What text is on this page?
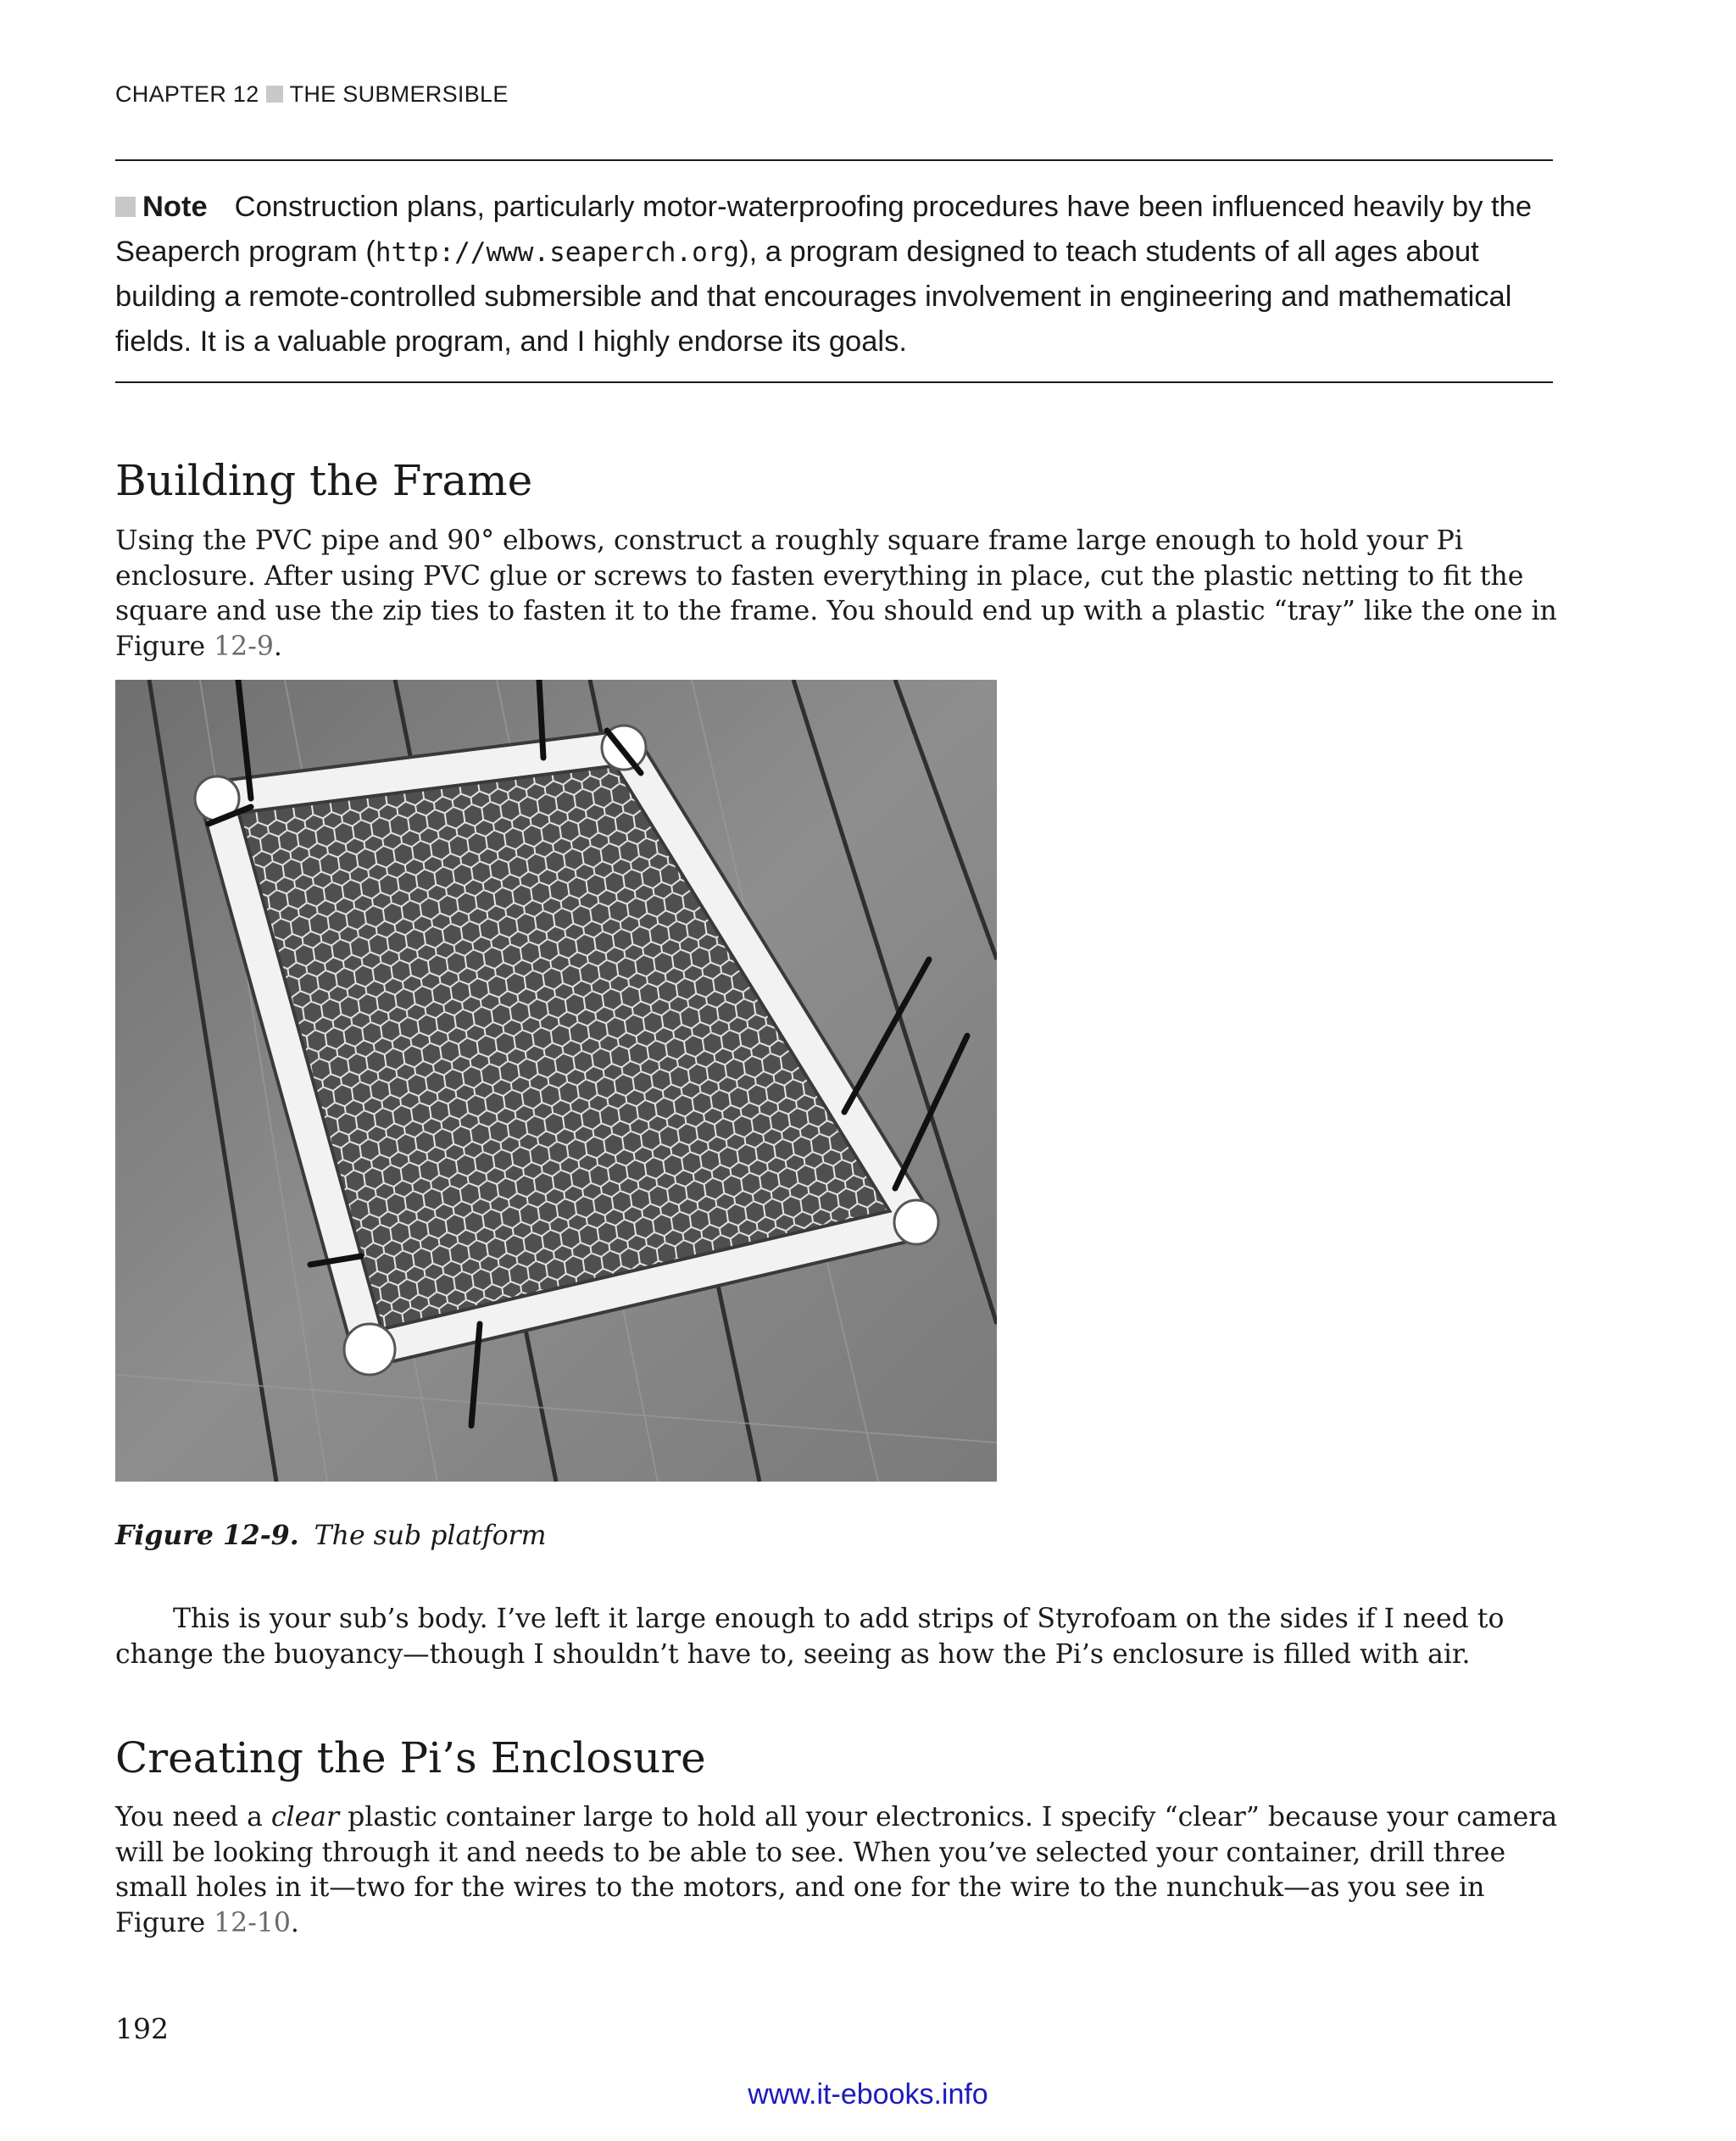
CHAPTER 12 THE SUBMERSIBLE
Note Construction plans, particularly motor-waterproofing procedures have been influenced heavily by the Seaperch program (http://www.seaperch.org), a program designed to teach students of all ages about building a remote-controlled submersible and that encourages involvement in engineering and mathematical fields. It is a valuable program, and I highly endorse its goals.
Building the Frame

Using the PVC pipe and 90° elbows, construct a roughly square frame large enough to hold your Pi enclosure. After using PVC glue or screws to fasten everything in place, cut the plastic netting to fit the square and use the zip ties to fasten it to the frame. You should end up with a plastic “tray” like the one in Figure 12-9.

Figure 12-9. The sub platform

This is your sub’s body. I’ve left it large enough to add strips of Styrofoam on the sides if I need to change the buoyancy—though I shouldn’t have to, seeing as how the Pi’s enclosure is filled with air.

Creating the Pi’s Enclosure

You need a clear plastic container large to hold all your electronics. I specify “clear” because your camera will be looking through it and needs to be able to see. When you’ve selected your container, drill three small holes in it—two for the wires to the motors, and one for the wire to the nunchuk—as you see in Figure 12-10.

192
www.it-ebooks.info
